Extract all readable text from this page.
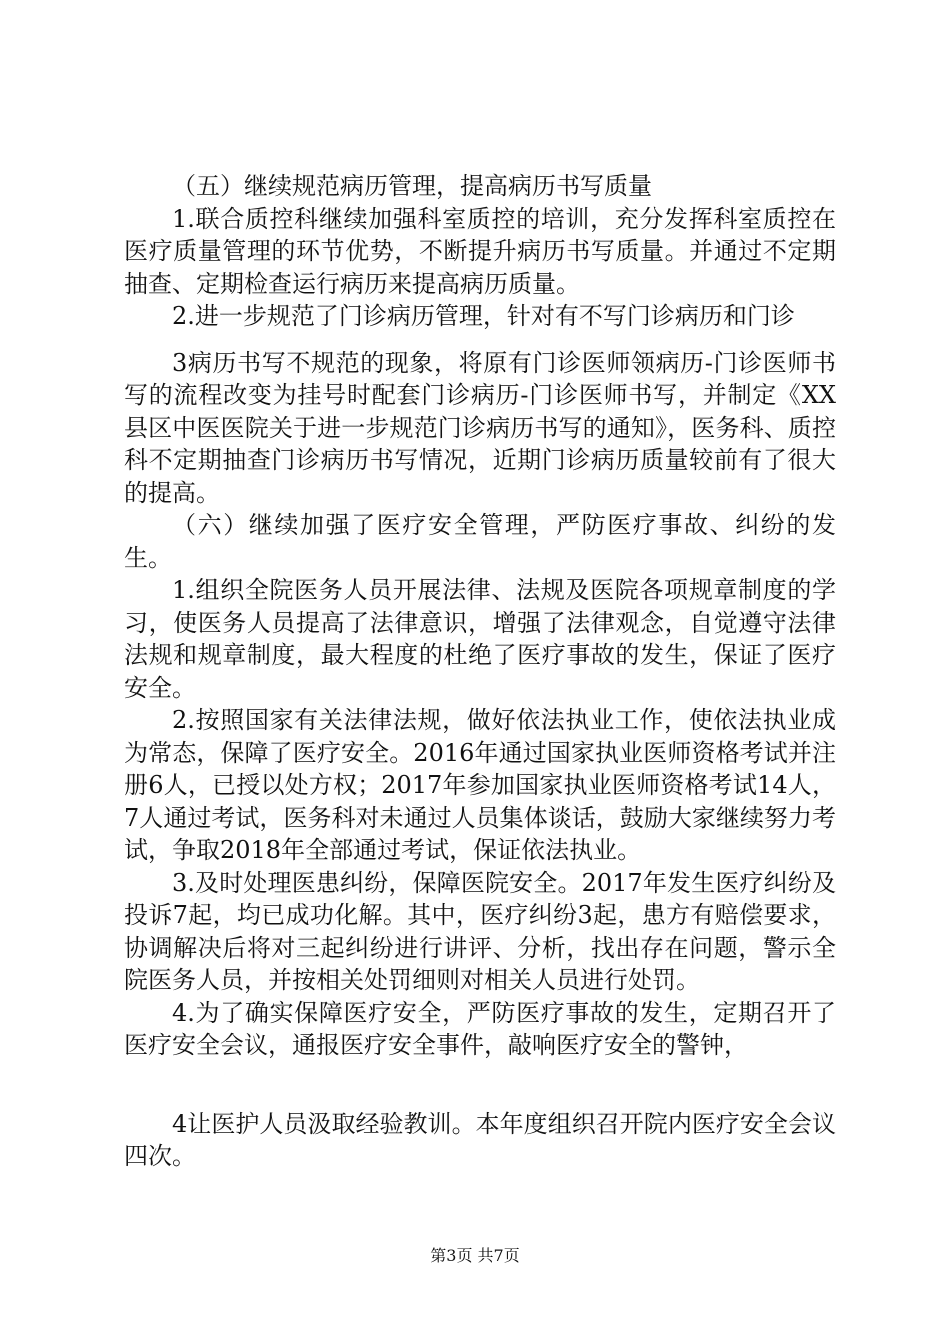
（五）继续规范病历管理，提高病历书写质量

1.联合质控科继续加强科室质控的培训，充分发挥科室质控在医疗质量管理的环节优势，不断提升病历书写质量。并通过不定期抽查、定期检查运行病历来提高病历质量。

2.进一步规范了门诊病历管理，针对有不写门诊病历和门诊

3病历书写不规范的现象，将原有门诊医师领病历-门诊医师书写的流程改变为挂号时配套门诊病历-门诊医师书写，并制定《XX县区中医医院关于进一步规范门诊病历书写的通知》，医务科、质控科不定期抽查门诊病历书写情况，近期门诊病历质量较前有了很大的提高。

（六）继续加强了医疗安全管理，严防医疗事故、纠纷的发生。

1.组织全院医务人员开展法律、法规及医院各项规章制度的学习，使医务人员提高了法律意识，增强了法律观念，自觉遵守法律法规和规章制度，最大程度的杜绝了医疗事故的发生，保证了医疗安全。

2.按照国家有关法律法规，做好依法执业工作，使依法执业成为常态，保障了医疗安全。2016年通过国家执业医师资格考试并注册6人，已授以处方权；2017年参加国家执业医师资格考试14人，7人通过考试，医务科对未通过人员集体谈话，鼓励大家继续努力考试，争取2018年全部通过考试，保证依法执业。

3.及时处理医患纠纷，保障医院安全。2017年发生医疗纠纷及投诉7起，均已成功化解。其中，医疗纠纷3起，患方有赔偿要求，协调解决后将对三起纠纷进行讲评、分析，找出存在问题，警示全院医务人员，并按相关处罚细则对相关人员进行处罚。

4.为了确实保障医疗安全，严防医疗事故的发生，定期召开了医疗安全会议，通报医疗安全事件，敲响医疗安全的警钟，

4让医护人员汲取经验教训。本年度组织召开院内医疗安全会议四次。

第3页 共7页
